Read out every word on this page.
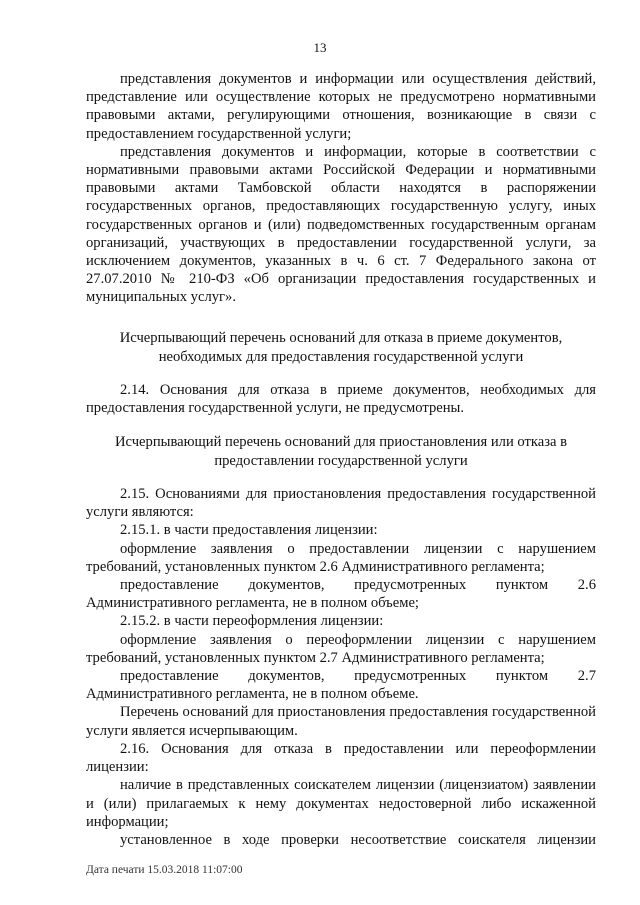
13

представления документов и информации или осуществления действий, представление или осуществление которых не предусмотрено нормативными правовыми актами, регулирующими отношения, возникающие в связи с предоставлением государственной услуги;

представления документов и информации, которые в соответствии с нормативными правовыми актами Российской Федерации и нормативными правовыми актами Тамбовской области находятся в распоряжении государственных органов, предоставляющих государственную услугу, иных государственных органов и (или) подведомственных государственным органам организаций, участвующих в предоставлении государственной услуги, за исключением документов, указанных в ч. 6 ст. 7 Федерального закона от 27.07.2010 № 210-ФЗ «Об организации предоставления государственных и муниципальных услуг».

Исчерпывающий перечень оснований для отказа в приеме документов, необходимых для предоставления государственной услуги

2.14. Основания для отказа в приеме документов, необходимых для предоставления государственной услуги, не предусмотрены.

Исчерпывающий перечень оснований для приостановления или отказа в предоставлении государственной услуги

2.15. Основаниями для приостановления предоставления государственной услуги являются:

2.15.1. в части предоставления лицензии:

оформление заявления о предоставлении лицензии с нарушением требований, установленных пунктом 2.6 Административного регламента;

предоставление документов, предусмотренных пунктом 2.6 Административного регламента, не в полном объеме;

2.15.2. в части переоформления лицензии:

оформление заявления о переоформлении лицензии с нарушением требований, установленных пунктом 2.7 Административного регламента;

предоставление документов, предусмотренных пунктом 2.7 Административного регламента, не в полном объеме.

Перечень оснований для приостановления предоставления государственной услуги является исчерпывающим.

2.16. Основания для отказа в предоставлении или переоформлении лицензии:

наличие в представленных соискателем лицензии (лицензиатом) заявлении и (или) прилагаемых к нему документах недостоверной либо искаженной информации;

установленное в ходе проверки несоответствие соискателя лицензии

Дата печати 15.03.2018 11:07:00
